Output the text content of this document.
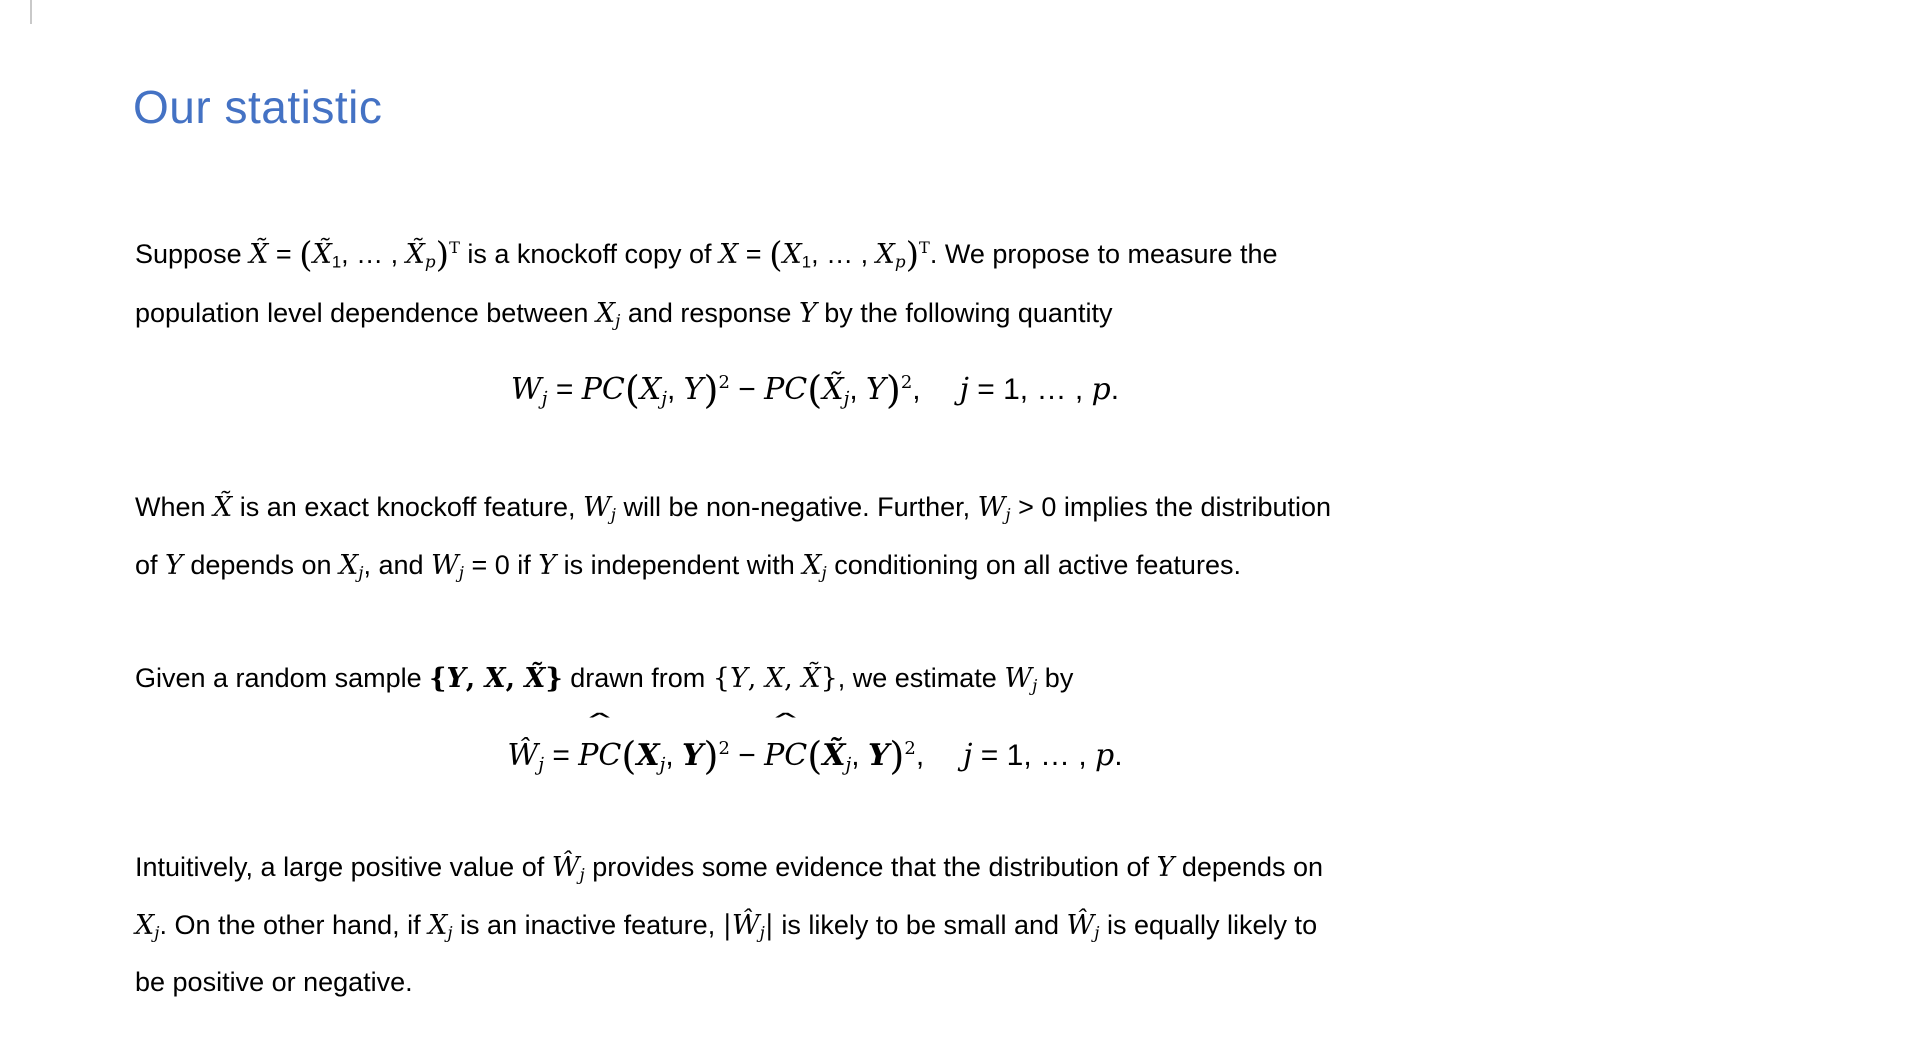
Our statistic
Suppose X̃ = (X̃1, … , X̃p)$^T$ is a knockoff copy of X = (X1, … , Xp)$^T$. We propose to measure the
population level dependence between Xj and response Y by the following quantity
Wj = PC(Xj, Y)$^2$ − PC(X̃j, Y)$^2$, j = 1, … , p.
When X̃ is an exact knockoff feature, Wj will be non-negative. Further, Wj > 0 implies the distribution
of Y depends on Xj, and Wj = 0 if Y is independent with Xj conditioning on all active features.
Given a random sample {Y, X, X̃} drawn from {Y, X, X̃}, we estimate Wj by
Ŵj = ˆ PC(Xj, Y)$^2$ − ˆ PC(X̃j, Y)$^2$, j = 1, … , p.
Intuitively, a large positive value of Ŵj provides some evidence that the distribution of Y depends on
Xj. On the other hand, if Xj is an inactive feature, |Ŵj| is likely to be small and Ŵj is equally likely to
be positive or negative.
